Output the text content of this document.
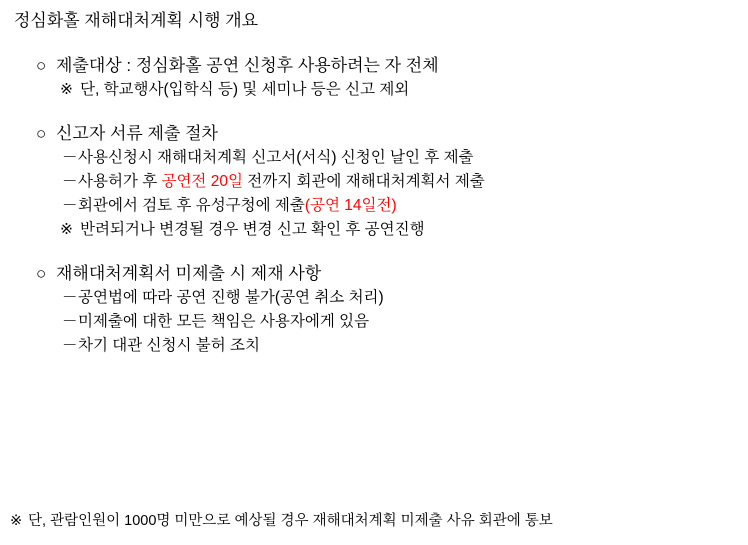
정심화홀 재해대처계획 시행 개요
○ 제출대상 : 정심화홀 공연 신청후 사용하려는 자 전체
※ 단, 학교행사(입학식 등) 및 세미나 등은 신고 제외
○ 신고자 서류 제출 절차
－사용신청시 재해대처계획 신고서(서식) 신청인 날인 후 제출
－사용허가 후 공연전 20일 전까지 회관에 재해대처계획서 제출
－회관에서 검토 후 유성구청에 제출(공연 14일전)
※ 반려되거나 변경될 경우 변경 신고 확인 후 공연진행
○ 재해대처계획서 미제출 시 제재 사항
－공연법에 따라 공연 진행 불가(공연 취소 처리)
－미제출에 대한 모든 책임은 사용자에게 있음
－차기 대관 신청시 불허 조치
※ 단, 관람인원이 1000명 미만으로 예상될 경우 재해대처계획 미제출 사유 회관에 통보
